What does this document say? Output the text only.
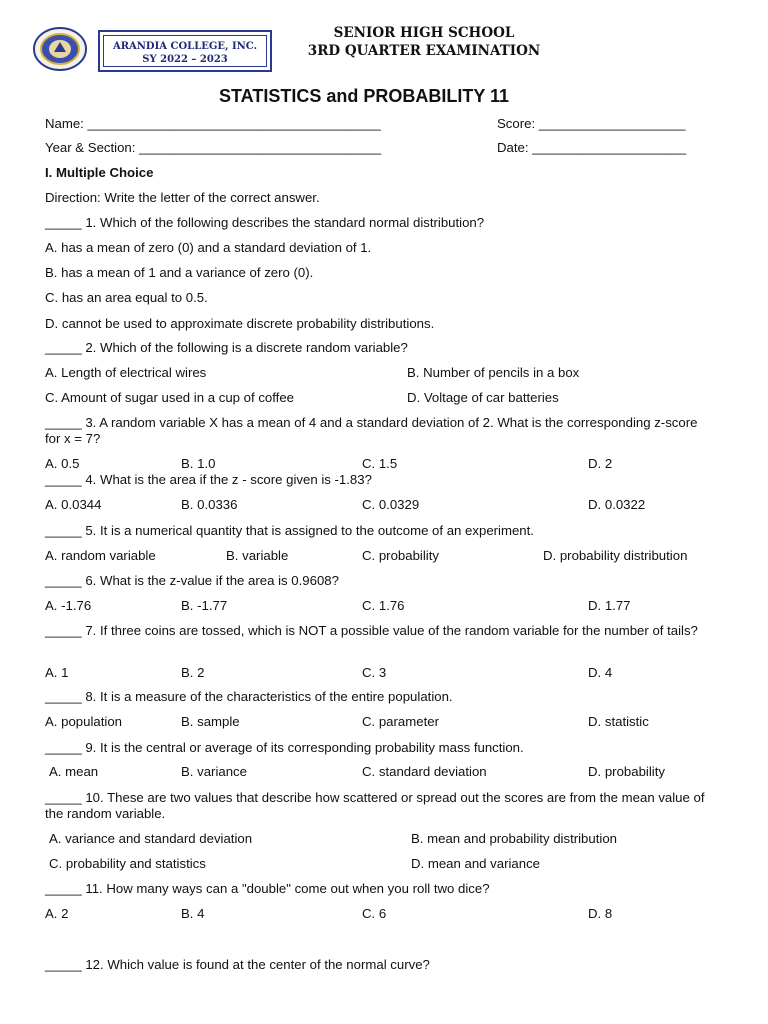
ARANDIA COLLEGE, INC.
SY 2022 – 2023
SENIOR HIGH SCHOOL
3RD QUARTER EXAMINATION
STATISTICS and PROBABILITY 11
Name: ________________________________________	Score: ____________________
Year & Section: _________________________________	Date: _____________________
I. Multiple Choice
Direction: Write the letter of the correct answer.
_____ 1. Which of the following describes the standard normal distribution?
A. has a mean of zero (0) and a standard deviation of 1.
B. has a mean of 1 and a variance of zero (0).
C. has an area equal to 0.5.
D. cannot be used to approximate discrete probability distributions.
_____ 2. Which of the following is a discrete random variable?
A. Length of electrical wires	B. Number of pencils in a box
C. Amount of sugar used in a cup of coffee	D. Voltage of car batteries
_____ 3. A random variable X has a mean of 4 and a standard deviation of 2. What is the corresponding z-score for x = 7?
A. 0.5	B. 1.0	C. 1.5	D. 2
_____ 4. What is the area if the z - score given is -1.83?
A. 0.0344	B. 0.0336	C. 0.0329	D. 0.0322
_____ 5. It is a numerical quantity that is assigned to the outcome of an experiment.
A. random variable	B. variable	C. probability	D. probability distribution
_____ 6. What is the z-value if the area is 0.9608?
A. -1.76	B. -1.77	C. 1.76	D. 1.77
_____ 7. If three coins are tossed, which is NOT a possible value of the random variable for the number of tails?
A. 1	B. 2	C. 3	D. 4
_____ 8. It is a measure of the characteristics of the entire population.
A. population	B. sample	C. parameter	D. statistic
_____ 9. It is the central or average of its corresponding probability mass function.
A. mean	B. variance	C. standard deviation	D. probability
_____ 10. These are two values that describe how scattered or spread out the scores are from the mean value of the random variable.
A. variance and standard deviation	B. mean and probability distribution
C. probability and statistics	D. mean and variance
_____ 11. How many ways can a "double" come out when you roll two dice?
A. 2	B. 4	C. 6	D. 8
_____ 12. Which value is found at the center of the normal curve?
